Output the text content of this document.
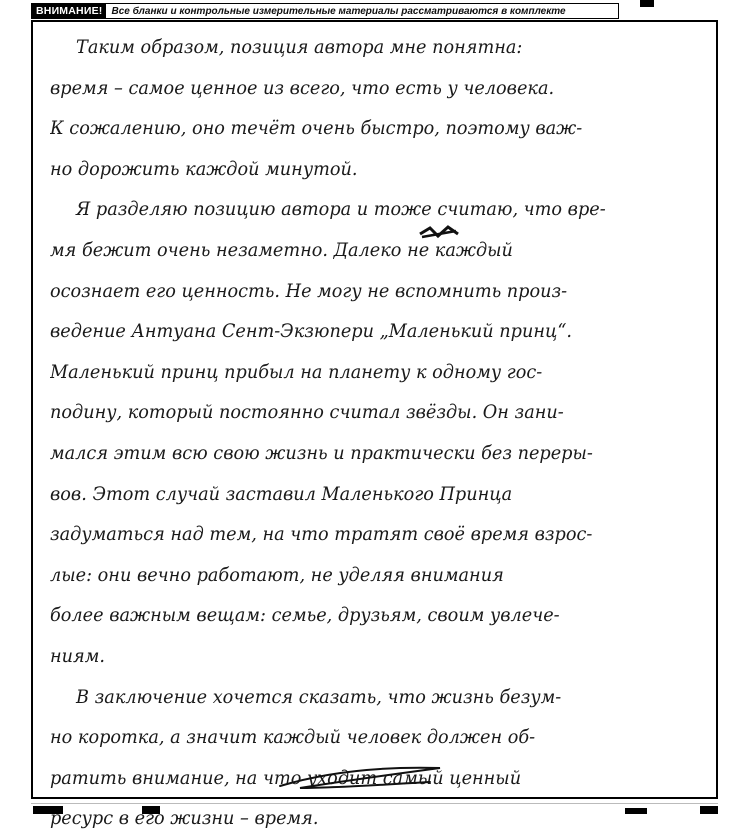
ВНИМАНИЕ! Все бланки и контрольные измерительные материалы рассматриваются в комплекте
Таким образом, позиция автора мне понятна:
время – самое ценное из всего, что есть у человека.
К сожалению, оно течёт очень быстро, поэтому важ-
но дорожить каждой минутой.
Я разделяю позицию автора и тоже считаю, что вре-
мя бежит очень незаметно. Далеко не каждый
осознает его ценность. Не могу не вспомнить произ-
ведение Антуана Сент-Экзюпери „Маленький принц“.
Маленький принц прибыл на планету к одному гос-
подину, который постоянно считал звёзды. Он зани-
мался этим всю свою жизнь и практически без переры-
вов. Этот случай заставил Маленького Принца
задуматься над тем, на что тратят своё время взрос-
лые: они вечно работают, не уделяя внимания
более важным вещам: семье, друзьям, своим увлече-
ниям.
В заключение хочется сказать, что жизнь безум-
но коротка, а значит каждый человек должен об-
ратить внимание, на что уходит самый ценный
ресурс в его жизни – время.
